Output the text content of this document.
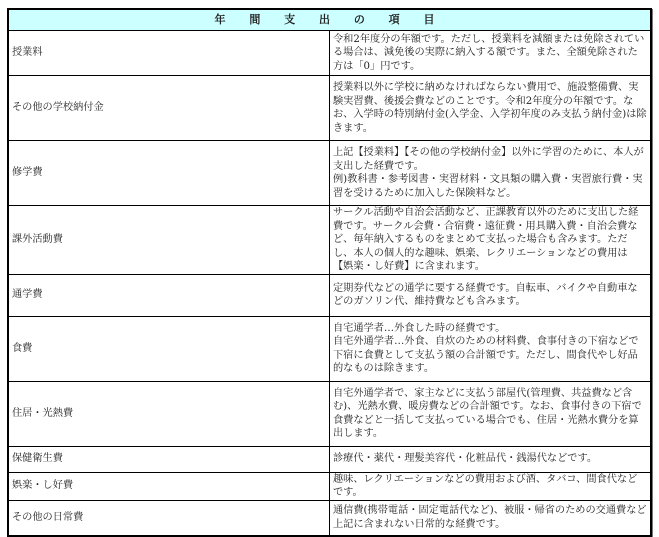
年 間 支 出 の 項 目	
授業料	令和2年度分の年額です。ただし、授業料を減額または免除されている場合は、減免後の実際に納入する額です。また、全額免除された方は「0」円です。

その他の学校納付金	授業料以外に学校に納めなければならない費用で、施設整備費、実験実習費、後援会費などのことです。令和2年度分の年額です。なお、入学時の特別納付金(入学金、入学初年度のみ支払う納付金)は除きます。

修学費	上記【授業料】【その他の学校納付金】以外に学習のために、本人が支出した経費です。
例)教科書・参考図書・実習材料・文具類の購入費・実習旅行費・実習を受けるために加入した保険料など。

課外活動費	サークル活動や自治会活動など、正課教育以外のために支出した経費です。サークル会費・合宿費・遠征費・用具購入費・自治会費など、毎年納入するものをまとめて支払った場合も含みます。ただし、本人の個人的な趣味、娯楽、レクリエーションなどの費用は【娯楽・し好費】に含まれます。

通学費	定期券代などの通学に要する経費です。自転車、バイクや自動車などのガソリン代、維持費なども含みます。

食費	自宅通学者…外食した時の経費です。
自宅外通学者…外食、自炊のための材料費、食事付きの下宿などで下宿に食費として支払う額の合計額です。ただし、間食代やし好品的なものは除きます。

住居・光熱費	自宅外通学者で、家主などに支払う部屋代(管理費、共益費など含む)、光熱水費、暖房費などの合計額です。なお、食事付きの下宿で食費などと一括して支払っている場合でも、住居・光熱水費分を算出します。

保健衛生費	診療代・薬代・理髪美容代・化粧品代・銭湯代などです。

娯楽・し好費	趣味、レクリエーションなどの費用および酒、タバコ、間食代などです。

その他の日常費	通信費(携帯電話・固定電話代など)、被服・帰省のための交通費など上記に含まれない日常的な経費です。
